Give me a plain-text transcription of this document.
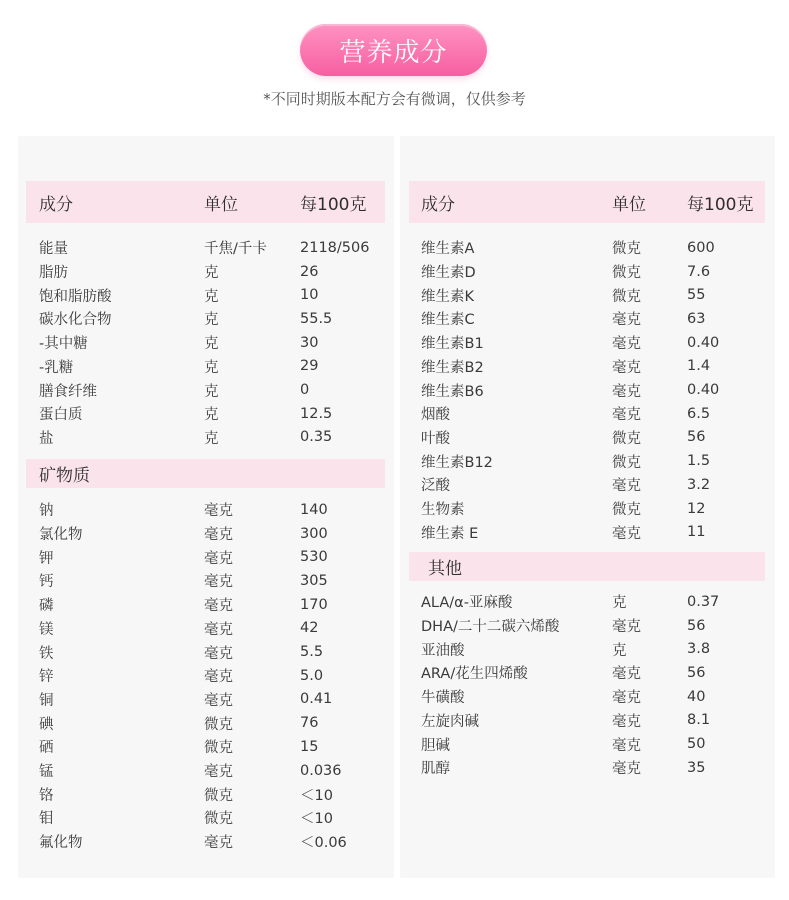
营养成分
*不同时期版本配方会有微调，仅供参考
成分	单位	每100克
能量	千焦/千卡 2118/506
脂肪	克	26
饱和脂肪酸	克	10
碳水化合物	克	55.5
-其中糖	克	30
-乳糖	克	29
膳食纤维	克	0
蛋白质	克	12.5
盐	克	0.35
矿物质
钠	毫克	140
氯化物	毫克	300
钾	毫克	530
钙	毫克	305
磷	毫克	170
镁	毫克	42
铁	毫克	5.5
锌	毫克	5.0
铜	毫克	0.41
碘	微克	76
硒	微克	15
锰	毫克	0.036
铬	微克	＜10
钼	微克	＜10
氟化物	毫克	＜0.06
成分	单位 每100克
维生素A	微克	600
维生素D	微克	7.6
维生素K	微克	55
维生素C	毫克	63
维生素B1	毫克	0.40
维生素B2	毫克	1.4
维生素B6	毫克	0.40
烟酸	毫克	6.5
叶酸	微克	56
维生素B12	微克	1.5
泛酸	毫克	3.2
生物素	微克	12
维生素 E	毫克	11
其他
ALA/α-亚麻酸	克	0.37
DHA/二十二碳六烯酸	毫克	56
亚油酸	克	3.8
ARA/花生四烯酸	毫克	56
牛磺酸	毫克	40
左旋肉碱	毫克	8.1
胆碱	毫克	50
肌醇	毫克	35
